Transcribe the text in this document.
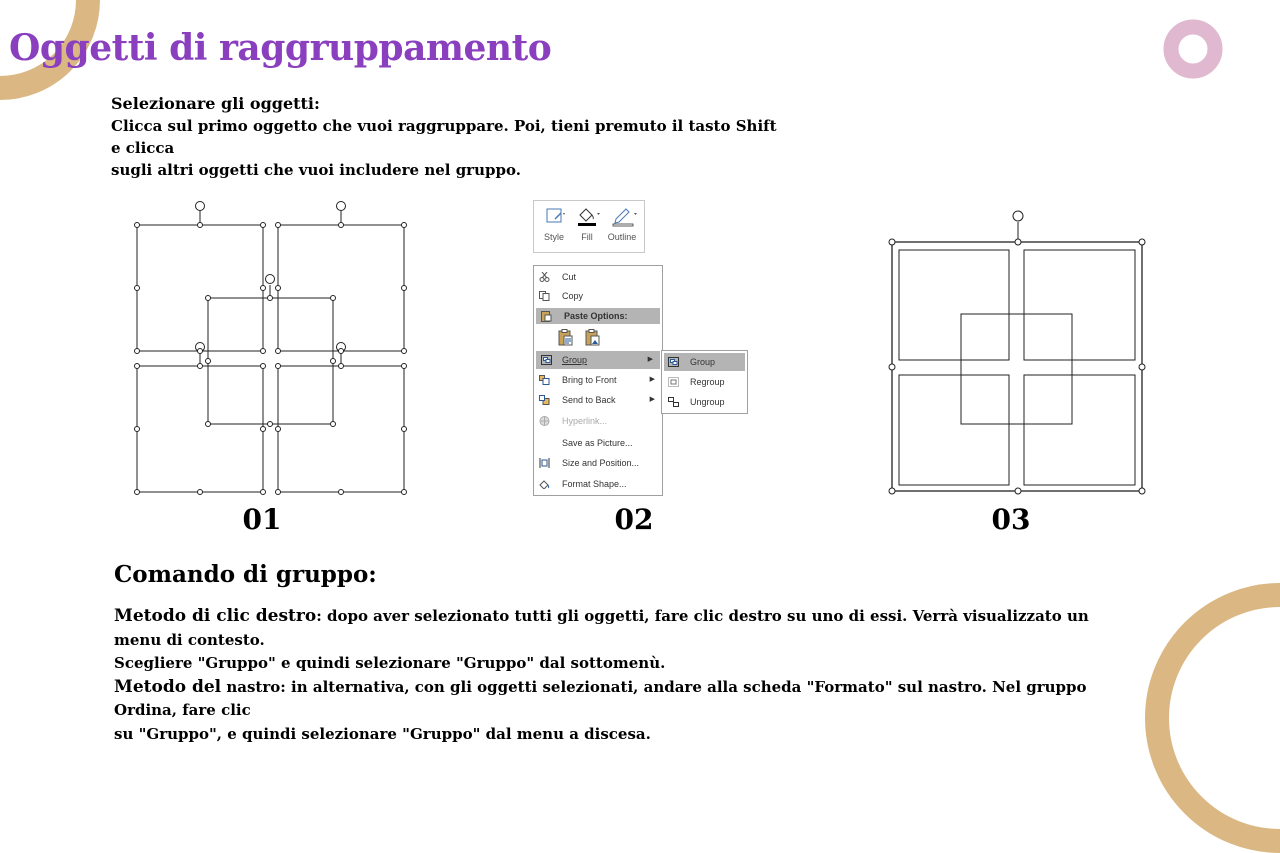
Oggetti di raggruppamento
Selezionare gli oggetti:
Clicca sul primo oggetto che vuoi raggruppare. Poi, tieni premuto il tasto Shift e clicca
sugli altri oggetti che vuoi includere nel gruppo.
Style	Fill	Outline
Cut
Copy
Paste Options:
Group	▶
Bring to Front	▶
Send to Back	▶
Hyperlink...
Save as Picture...
Size and Position...
Format Shape...
Group
Regroup
Ungroup
01	02	03
Comando di gruppo:
Metodo di clic destro: dopo aver selezionato tutti gli oggetti, fare clic destro su uno di essi. Verrà visualizzato un menu di contesto.
Scegliere "Gruppo" e quindi selezionare "Gruppo" dal sottomenù.
Metodo del nastro: in alternativa, con gli oggetti selezionati, andare alla scheda "Formato" sul nastro. Nel gruppo Ordina, fare clic
su "Gruppo", e quindi selezionare "Gruppo" dal menu a discesa.
